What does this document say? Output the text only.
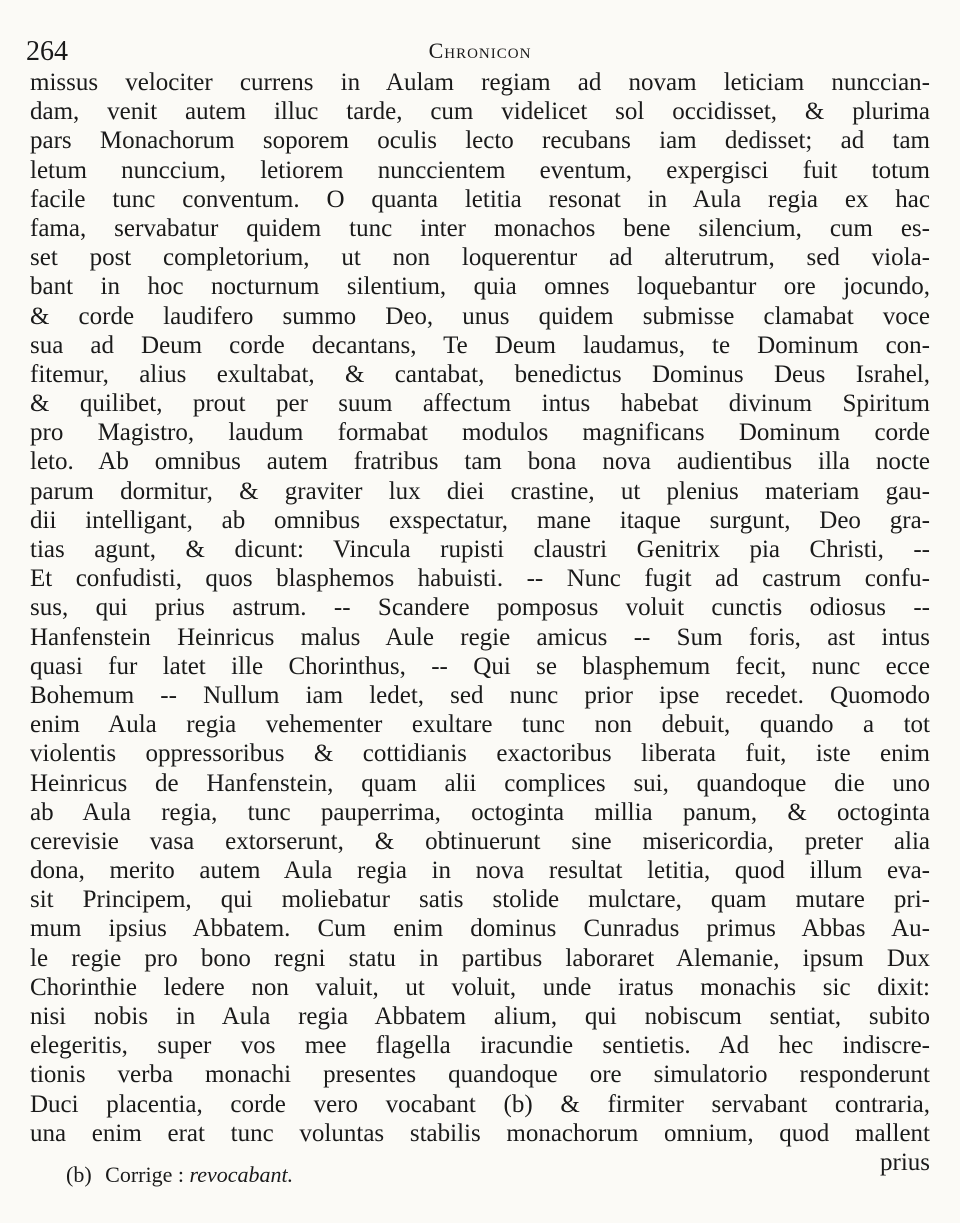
264	Chronicon
missus velociter currens in Aulam regiam ad novam leticiam nunccian-
dam, venit autem illuc tarde, cum videlicet sol occidisset, & plurima
pars Monachorum soporem oculis lecto recubans iam dedisset; ad tam
letum nunccium, letiorem nunccientem eventum, expergisci fuit totum
facile tunc conventum. O quanta letitia resonat in Aula regia ex hac
fama, servabatur quidem tunc inter monachos bene silencium, cum es-
set post completorium, ut non loquerentur ad alterutrum, sed viola-
bant in hoc nocturnum silentium, quia omnes loquebantur ore jocundo,
& corde laudifero summo Deo, unus quidem submisse clamabat voce
sua ad Deum corde decantans, Te Deum laudamus, te Dominum con-
fitemur, alius exultabat, & cantabat, benedictus Dominus Deus Israhel,
& quilibet, prout per suum affectum intus habebat divinum Spiritum
pro Magistro, laudum formabat modulos magnificans Dominum corde
leto. Ab omnibus autem fratribus tam bona nova audientibus illa nocte
parum dormitur, & graviter lux diei crastine, ut plenius materiam gau-
dii intelligant, ab omnibus exspectatur, mane itaque surgunt, Deo gra-
tias agunt, & dicunt: Vincula rupisti claustri Genitrix pia Christi, --
Et confudisti, quos blasphemos habuisti. -- Nunc fugit ad castrum confu-
sus, qui prius astrum. -- Scandere pomposus voluit cunctis odiosus --
Hanfenstein Heinricus malus Aule regie amicus -- Sum foris, ast intus
quasi fur latet ille Chorinthus, -- Qui se blasphemum fecit, nunc ecce
Bohemum -- Nullum iam ledet, sed nunc prior ipse recedet. Quomodo
enim Aula regia vehementer exultare tunc non debuit, quando a tot
violentis oppressoribus & cottidianis exactoribus liberata fuit, iste enim
Heinricus de Hanfenstein, quam alii complices sui, quandoque die uno
ab Aula regia, tunc pauperrima, octoginta millia panum, & octoginta
cerevisie vasa extorserunt, & obtinuerunt sine misericordia, preter alia
dona, merito autem Aula regia in nova resultat letitia, quod illum eva-
sit Principem, qui moliebatur satis stolide mulctare, quam mutare pri-
mum ipsius Abbatem. Cum enim dominus Cunradus primus Abbas Au-
le regie pro bono regni statu in partibus laboraret Alemanie, ipsum Dux
Chorinthie ledere non valuit, ut voluit, unde iratus monachis sic dixit:
nisi nobis in Aula regia Abbatem alium, qui nobiscum sentiat, subito
elegeritis, super vos mee flagella iracundie sentietis. Ad hec indiscre-
tionis verba monachi presentes quandoque ore simulatorio responderunt
Duci placentia, corde vero vocabant (b) & firmiter servabant contraria,
una enim erat tunc voluntas stabilis monachorum omnium, quod mallent
prius
(b) Corrige : revocabant.
